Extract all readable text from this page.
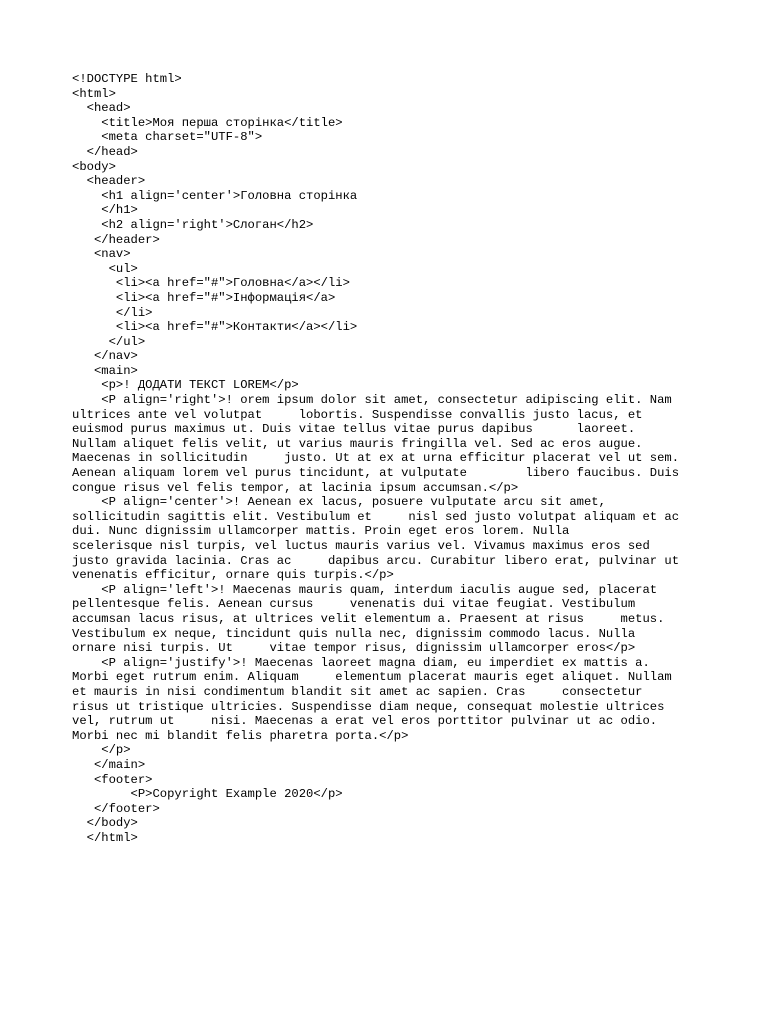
<!DOCTYPE html>
<html>
<head>
<title>Моя перша сторінка</title>
<meta charset="UTF-8">
</head>
<body>
<header>
<h1 align='center'>Головна сторінка
</h1>
<h2 align='right'>Слоган</h2>
</header>
<nav>
<ul>
<li><a href="#">Головна</a></li>
<li><a href="#">Інформація</a>
</li>
<li><a href="#">Контакти</a></li>
</ul>
</nav>
<main>
<p>! ДОДАТИ ТЕКСТ LOREM</p>
<P align='right'>! orem ipsum dolor sit amet, consectetur adipiscing elit. Nam
ultrices ante vel volutpat     lobortis. Suspendisse convallis justo lacus, et
euismod purus maximus ut. Duis vitae tellus vitae purus dapibus      laoreet.
Nullam aliquet felis velit, ut varius mauris fringilla vel. Sed ac eros augue.
Maecenas in sollicitudin     justo. Ut at ex at urna efficitur placerat vel ut sem.
Aenean aliquam lorem vel purus tincidunt, at vulputate        libero faucibus. Duis
congue risus vel felis tempor, at lacinia ipsum accumsan.</p>
<P align='center'>! Aenean ex lacus, posuere vulputate arcu sit amet,
sollicitudin sagittis elit. Vestibulum et     nisl sed justo volutpat aliquam et ac
dui. Nunc dignissim ullamcorper mattis. Proin eget eros lorem. Nulla
scelerisque nisl turpis, vel luctus mauris varius vel. Vivamus maximus eros sed
justo gravida lacinia. Cras ac     dapibus arcu. Curabitur libero erat, pulvinar ut
venenatis efficitur, ornare quis turpis.</p>
<P align='left'>! Maecenas mauris quam, interdum iaculis augue sed, placerat
pellentesque felis. Aenean cursus     venenatis dui vitae feugiat. Vestibulum
accumsan lacus risus, at ultrices velit elementum a. Praesent at risus     metus.
Vestibulum ex neque, tincidunt quis nulla nec, dignissim commodo lacus. Nulla
ornare nisi turpis. Ut     vitae tempor risus, dignissim ullamcorper eros</p>
<P align='justify'>! Maecenas laoreet magna diam, eu imperdiet ex mattis a.
Morbi eget rutrum enim. Aliquam     elementum placerat mauris eget aliquet. Nullam
et mauris in nisi condimentum blandit sit amet ac sapien. Cras     consectetur
risus ut tristique ultricies. Suspendisse diam neque, consequat molestie ultrices
vel, rutrum ut     nisi. Maecenas a erat vel eros porttitor pulvinar ut ac odio.
Morbi nec mi blandit felis pharetra porta.</p>
</p>
</main>
<footer>
<P>Copyright Example 2020</p>
</footer>
</body>
</html>
